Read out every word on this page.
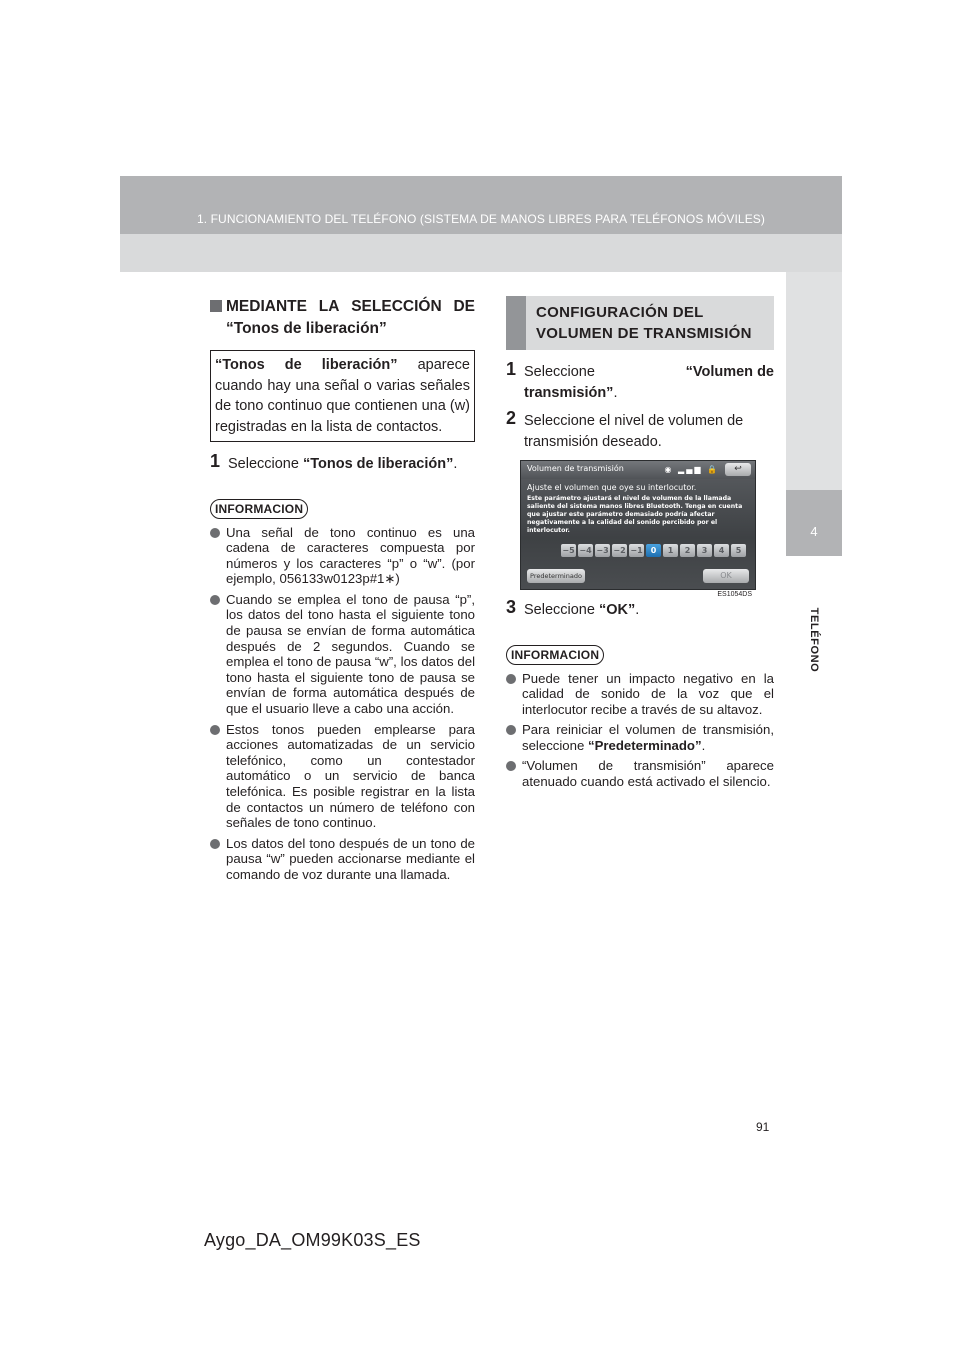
1. FUNCIONAMIENTO DEL TELÉFONO (SISTEMA DE MANOS LIBRES PARA TELÉFONOS MÓVILES)
4
TELÉFONO
MEDIANTE LA SELECCIÓN DE
“Tonos de liberación”
“Tonos de liberación” aparece cuando hay una señal o varias señales de tono continuo que contienen una (w) registradas en la lista de contactos.
1 Seleccione “Tonos de liberación”.
INFORMACION
Una señal de tono continuo es una cadena de caracteres compuesta por números y los caracteres “p” o “w”. (por ejemplo, 056133w0123p#1∗)
Cuando se emplea el tono de pausa “p”, los datos del tono hasta el siguiente tono de pausa se envían de forma automática después de 2 segundos. Cuando se emplea el tono de pausa “w”, los datos del tono hasta el siguiente tono de pausa se envían de forma automática después de que el usuario lleve a cabo una acción.
Estos tonos pueden emplearse para acciones automatizadas de un servicio telefónico, como un contestador automático o un servicio de banca telefónica. Es posible registrar en la lista de contactos un número de teléfono con señales de tono continuo.
Los datos del tono después de un tono de pausa “w” pueden accionarse mediante el comando de voz durante una llamada.
CONFIGURACIÓN DEL
VOLUMEN DE TRANSMISIÓN
1 Seleccione	“Volumen de
transmisión”.
2 Seleccione el nivel de volumen de transmisión deseado.
Volumen de transmisión	◉ ▂▄▆ 🔒	↩
Ajuste el volumen que oye su interlocutor.
Este parámetro ajustará el nivel de volumen de la llamada saliente del sistema manos libres Bluetooth. Tenga en cuenta que ajustar este parámetro demasiado podría afectar negativamente a la calidad del sonido percibido por el interlocutor.
−5 −4 −3 −2 −1	0	1	2	3	4	5
Predeterminado	OK
ES1054DS
3 Seleccione “OK”.
INFORMACION
Puede tener un impacto negativo en la calidad de sonido de la voz que el interlocutor recibe a través de su altavoz.
Para reiniciar el volumen de transmisión, seleccione “Predeterminado”.
“Volumen de transmisión” aparece atenuado cuando está activado el silencio.
91
Aygo_DA_OM99K03S_ES
